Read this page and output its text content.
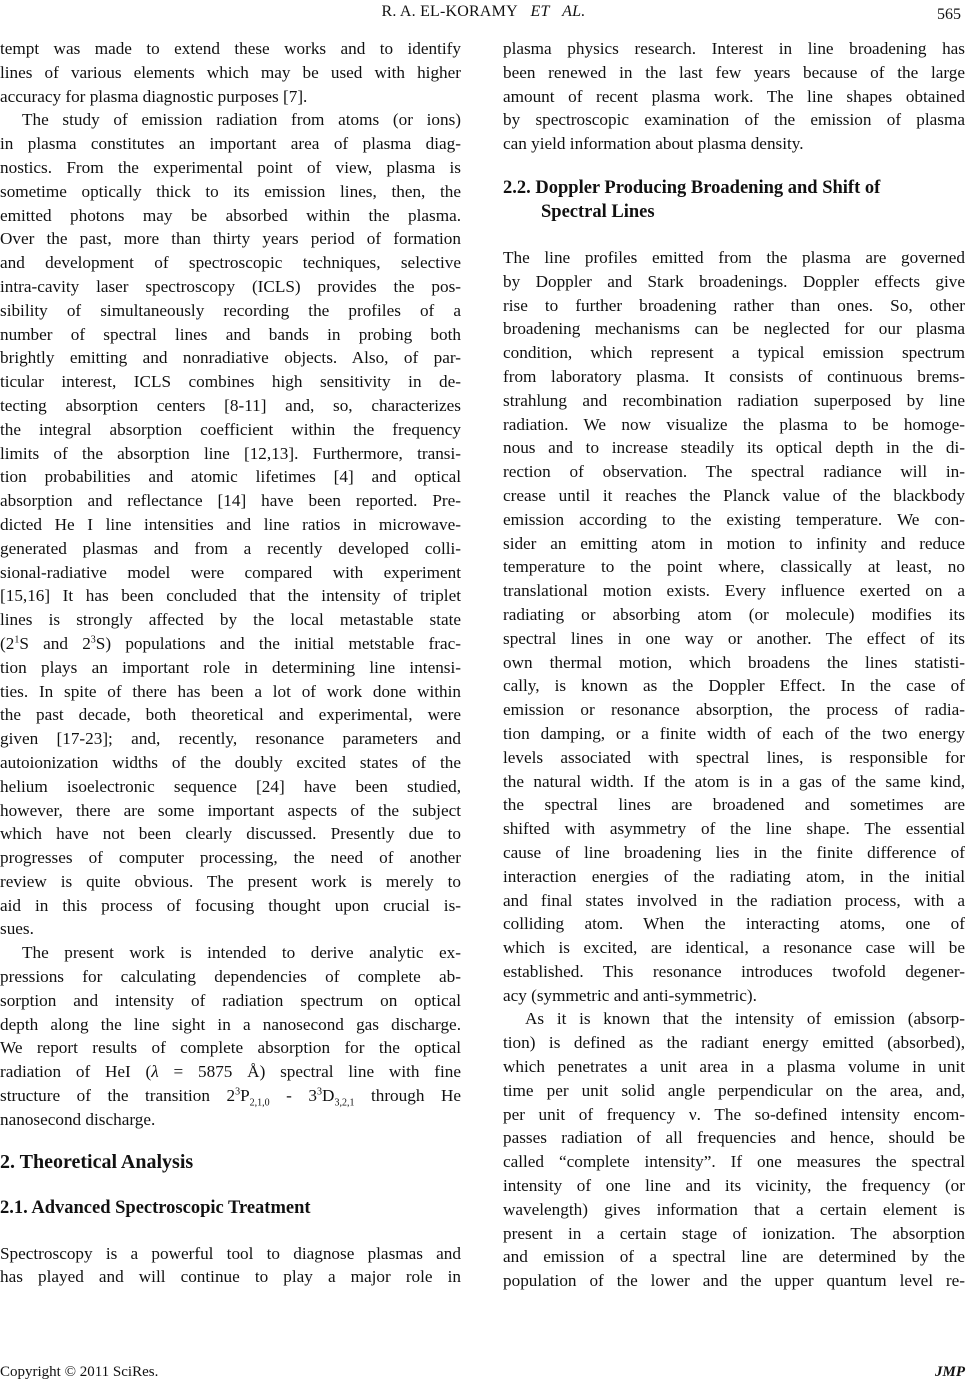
R. A. EL-KORAMY ET AL.	565
tempt was made to extend these works and to identify
lines of various elements which may be used with higher
accuracy for plasma diagnostic purposes [7].
The study of emission radiation from atoms (or ions)
in plasma constitutes an important area of plasma diag-
nostics. From the experimental point of view, plasma is
sometime optically thick to its emission lines, then, the
emitted photons may be absorbed within the plasma.
Over the past, more than thirty years period of formation
and development of spectroscopic techniques, selective
intra-cavity laser spectroscopy (ICLS) provides the pos-
sibility of simultaneously recording the profiles of a
number of spectral lines and bands in probing both
brightly emitting and nonradiative objects. Also, of par-
ticular interest, ICLS combines high sensitivity in de-
tecting absorption centers [8-11] and, so, characterizes
the integral absorption coefficient within the frequency
limits of the absorption line [12,13]. Furthermore, transi-
tion probabilities and atomic lifetimes [4] and optical
absorption and reflectance [14] have been reported. Pre-
dicted He I line intensities and line ratios in microwave-
generated plasmas and from a recently developed colli-
sional-radiative model were compared with experiment
[15,16] It has been concluded that the intensity of triplet
lines is strongly affected by the local metastable state
($2^1S$ and $2^3S$) populations and the initial metstable frac-
tion plays an important role in determining line intensi-
ties. In spite of there has been a lot of work done within
the past decade, both theoretical and experimental, were
given [17-23]; and, recently, resonance parameters and
autoionization widths of the doubly excited states of the
helium isoelectronic sequence [24] have been studied,
however, there are some important aspects of the subject
which have not been clearly discussed. Presently due to
progresses of computer processing, the need of another
review is quite obvious. The present work is merely to
aid in this process of focusing thought upon crucial is-
sues.
The present work is intended to derive analytic ex-
pressions for calculating dependencies of complete ab-
sorption and intensity of radiation spectrum on optical
depth along the line sight in a nanosecond gas discharge.
We report results of complete absorption for the optical
radiation of HeI (λ = 5875 Å) spectral line with fine
structure of the transition $2^3P_{2,1,0} - 3^3D_{3,2,1}$ through He
nanosecond discharge.
2. Theoretical Analysis
2.1. Advanced Spectroscopic Treatment
Spectroscopy is a powerful tool to diagnose plasmas and
has played and will continue to play a major role in
plasma physics research. Interest in line broadening has
been renewed in the last few years because of the large
amount of recent plasma work. The line shapes obtained
by spectroscopic examination of the emission of plasma
can yield information about plasma density.
2.2. Doppler Producing Broadening and Shift of
Spectral Lines
The line profiles emitted from the plasma are governed
by Doppler and Stark broadenings. Doppler effects give
rise to further broadening rather than ones. So, other
broadening mechanisms can be neglected for our plasma
condition, which represent a typical emission spectrum
from laboratory plasma. It consists of continuous brems-
strahlung and recombination radiation superposed by line
radiation. We now visualize the plasma to be homoge-
nous and to increase steadily its optical depth in the di-
rection of observation. The spectral radiance will in-
crease until it reaches the Planck value of the blackbody
emission according to the existing temperature. We con-
sider an emitting atom in motion to infinity and reduce
temperature to the point where, classically at least, no
translational motion exists. Every influence exerted on a
radiating or absorbing atom (or molecule) modifies its
spectral lines in one way or another. The effect of its
own thermal motion, which broadens the lines statisti-
cally, is known as the Doppler Effect. In the case of
emission or resonance absorption, the process of radia-
tion damping, or a finite width of each of the two energy
levels associated with spectral lines, is responsible for
the natural width. If the atom is in a gas of the same kind,
the spectral lines are broadened and sometimes are
shifted with asymmetry of the line shape. The essential
cause of line broadening lies in the finite difference of
interaction energies of the radiating atom, in the initial
and final states involved in the radiation process, with a
colliding atom. When the interacting atoms, one of
which is excited, are identical, a resonance case will be
established. This resonance introduces twofold degener-
acy (symmetric and anti-symmetric).
As it is known that the intensity of emission (absorp-
tion) is defined as the radiant energy emitted (absorbed),
which penetrates a unit area in a plasma volume in unit
time per unit solid angle perpendicular on the area, and,
per unit of frequency ν. The so-defined intensity encom-
passes radiation of all frequencies and hence, should be
called “complete intensity”. If one measures the spectral
intensity of one line and its vicinity, the frequency (or
wavelength) gives information that a certain element is
present in a certain stage of ionization. The absorption
and emission of a spectral line are determined by the
population of the lower and the upper quantum level re-
Copyright © 2011 SciRes.	JMP
